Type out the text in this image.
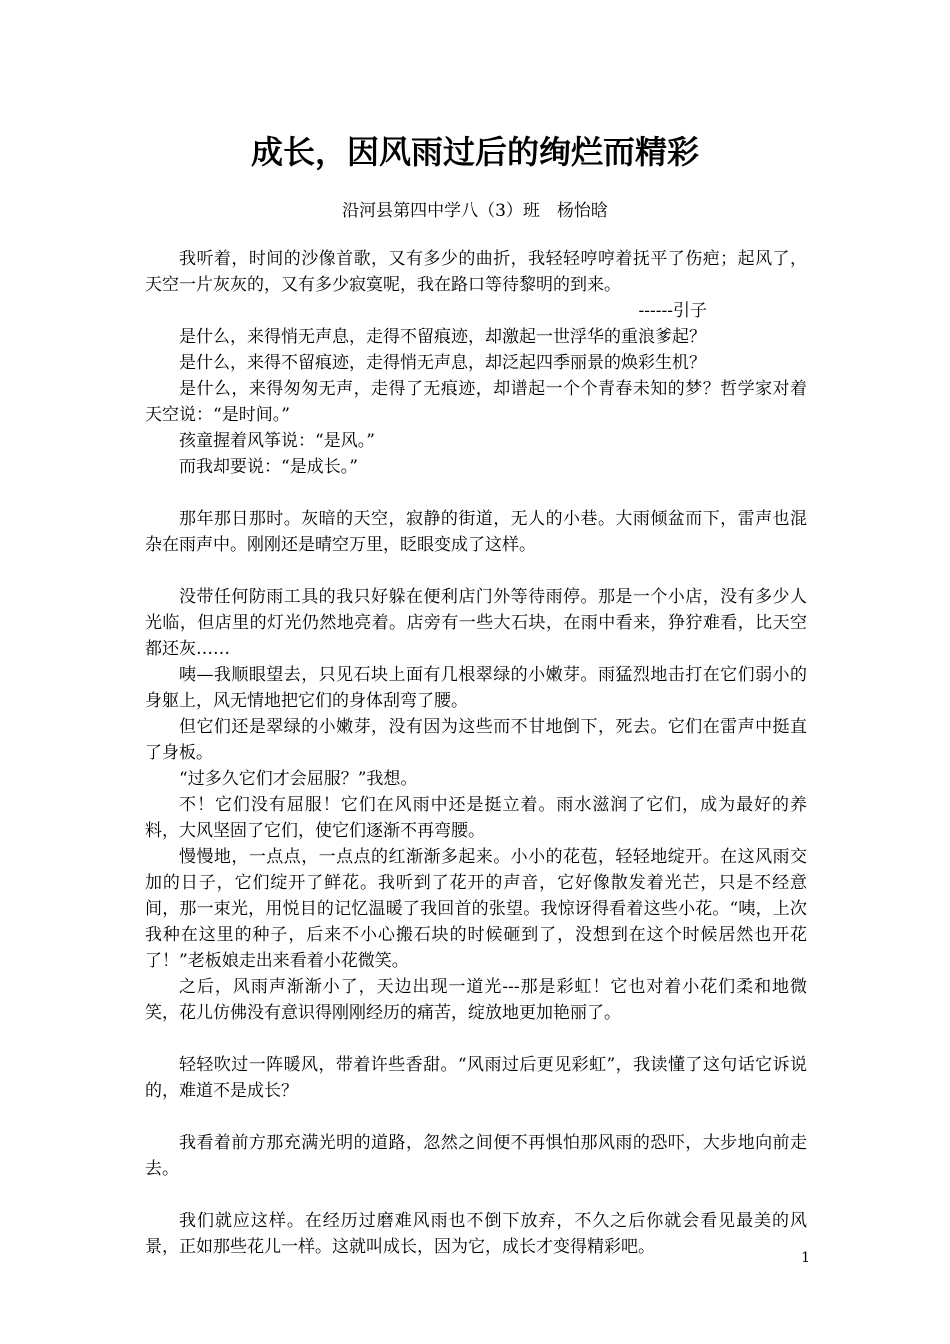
成长，因风雨过后的绚烂而精彩

沿河县第四中学八（3）班　杨怡晗

我听着，时间的沙像首歌，又有多少的曲折，我轻轻哼哼着抚平了伤疤；起风了，天空一片灰灰的，又有多少寂寞呢，我在路口等待黎明的到来。

------引子

是什么，来得悄无声息，走得不留痕迹，却激起一世浮华的重浪爹起？

是什么，来得不留痕迹，走得悄无声息，却泛起四季丽景的焕彩生机？

是什么，来得匆匆无声，走得了无痕迹，却谱起一个个青春未知的梦？哲学家对着天空说：“是时间。”

孩童握着风筝说：“是风。”

而我却要说：“是成长。”

那年那日那时。灰暗的天空，寂静的街道，无人的小巷。大雨倾盆而下，雷声也混杂在雨声中。刚刚还是晴空万里，眨眼变成了这样。

没带任何防雨工具的我只好躲在便利店门外等待雨停。那是一个小店，没有多少人光临，但店里的灯光仍然地亮着。店旁有一些大石块，在雨中看来，狰狞难看，比天空都还灰……

咦—我顺眼望去，只见石块上面有几根翠绿的小嫩芽。雨猛烈地击打在它们弱小的身躯上，风无情地把它们的身体刮弯了腰。

但它们还是翠绿的小嫩芽，没有因为这些而不甘地倒下，死去。它们在雷声中挺直了身板。

“过多久它们才会屈服？”我想。

不！它们没有屈服！它们在风雨中还是挺立着。雨水滋润了它们，成为最好的养料，大风坚固了它们，使它们逐渐不再弯腰。

慢慢地，一点点，一点点的红渐渐多起来。小小的花苞，轻轻地绽开。在这风雨交加的日子，它们绽开了鲜花。我听到了花开的声音，它好像散发着光芒，只是不经意间，那一束光，用悦目的记忆温暖了我回首的张望。我惊讶得看着这些小花。“咦，上次我种在这里的种子，后来不小心搬石块的时候砸到了，没想到在这个时候居然也开花了！”老板娘走出来看着小花微笑。

之后，风雨声渐渐小了，天边出现一道光---那是彩虹！它也对着小花们柔和地微笑，花儿仿佛没有意识得刚刚经历的痛苦，绽放地更加艳丽了。

轻轻吹过一阵暖风，带着许些香甜。“风雨过后更见彩虹”，我读懂了这句话它诉说的，难道不是成长？

我看着前方那充满光明的道路，忽然之间便不再惧怕那风雨的恐吓，大步地向前走去。

我们就应这样。在经历过磨难风雨也不倒下放弃，不久之后你就会看见最美的风景，正如那些花儿一样。这就叫成长，因为它，成长才变得精彩吧。

1
